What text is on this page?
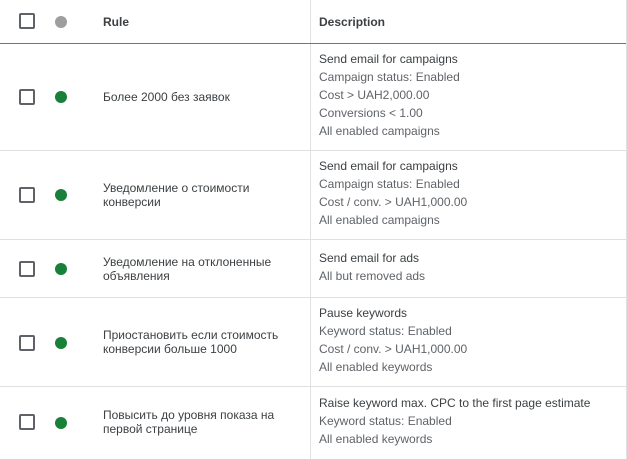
Rule	Description
Более 2000 без заявок
Send email for campaigns
Campaign status: Enabled
Cost > UAH2,000.00
Conversions < 1.00
All enabled campaigns
Уведомление о стоимости конверсии
Send email for campaigns
Campaign status: Enabled
Cost / conv. > UAH1,000.00
All enabled campaigns
Уведомление на отклоненные объявления
Send email for ads
All but removed ads
Приостановить если стоимость конверсии больше 1000
Pause keywords
Keyword status: Enabled
Cost / conv. > UAH1,000.00
All enabled keywords
Повысить до уровня показа на первой странице
Raise keyword max. CPC to the first page estimate
Keyword status: Enabled
All enabled keywords
